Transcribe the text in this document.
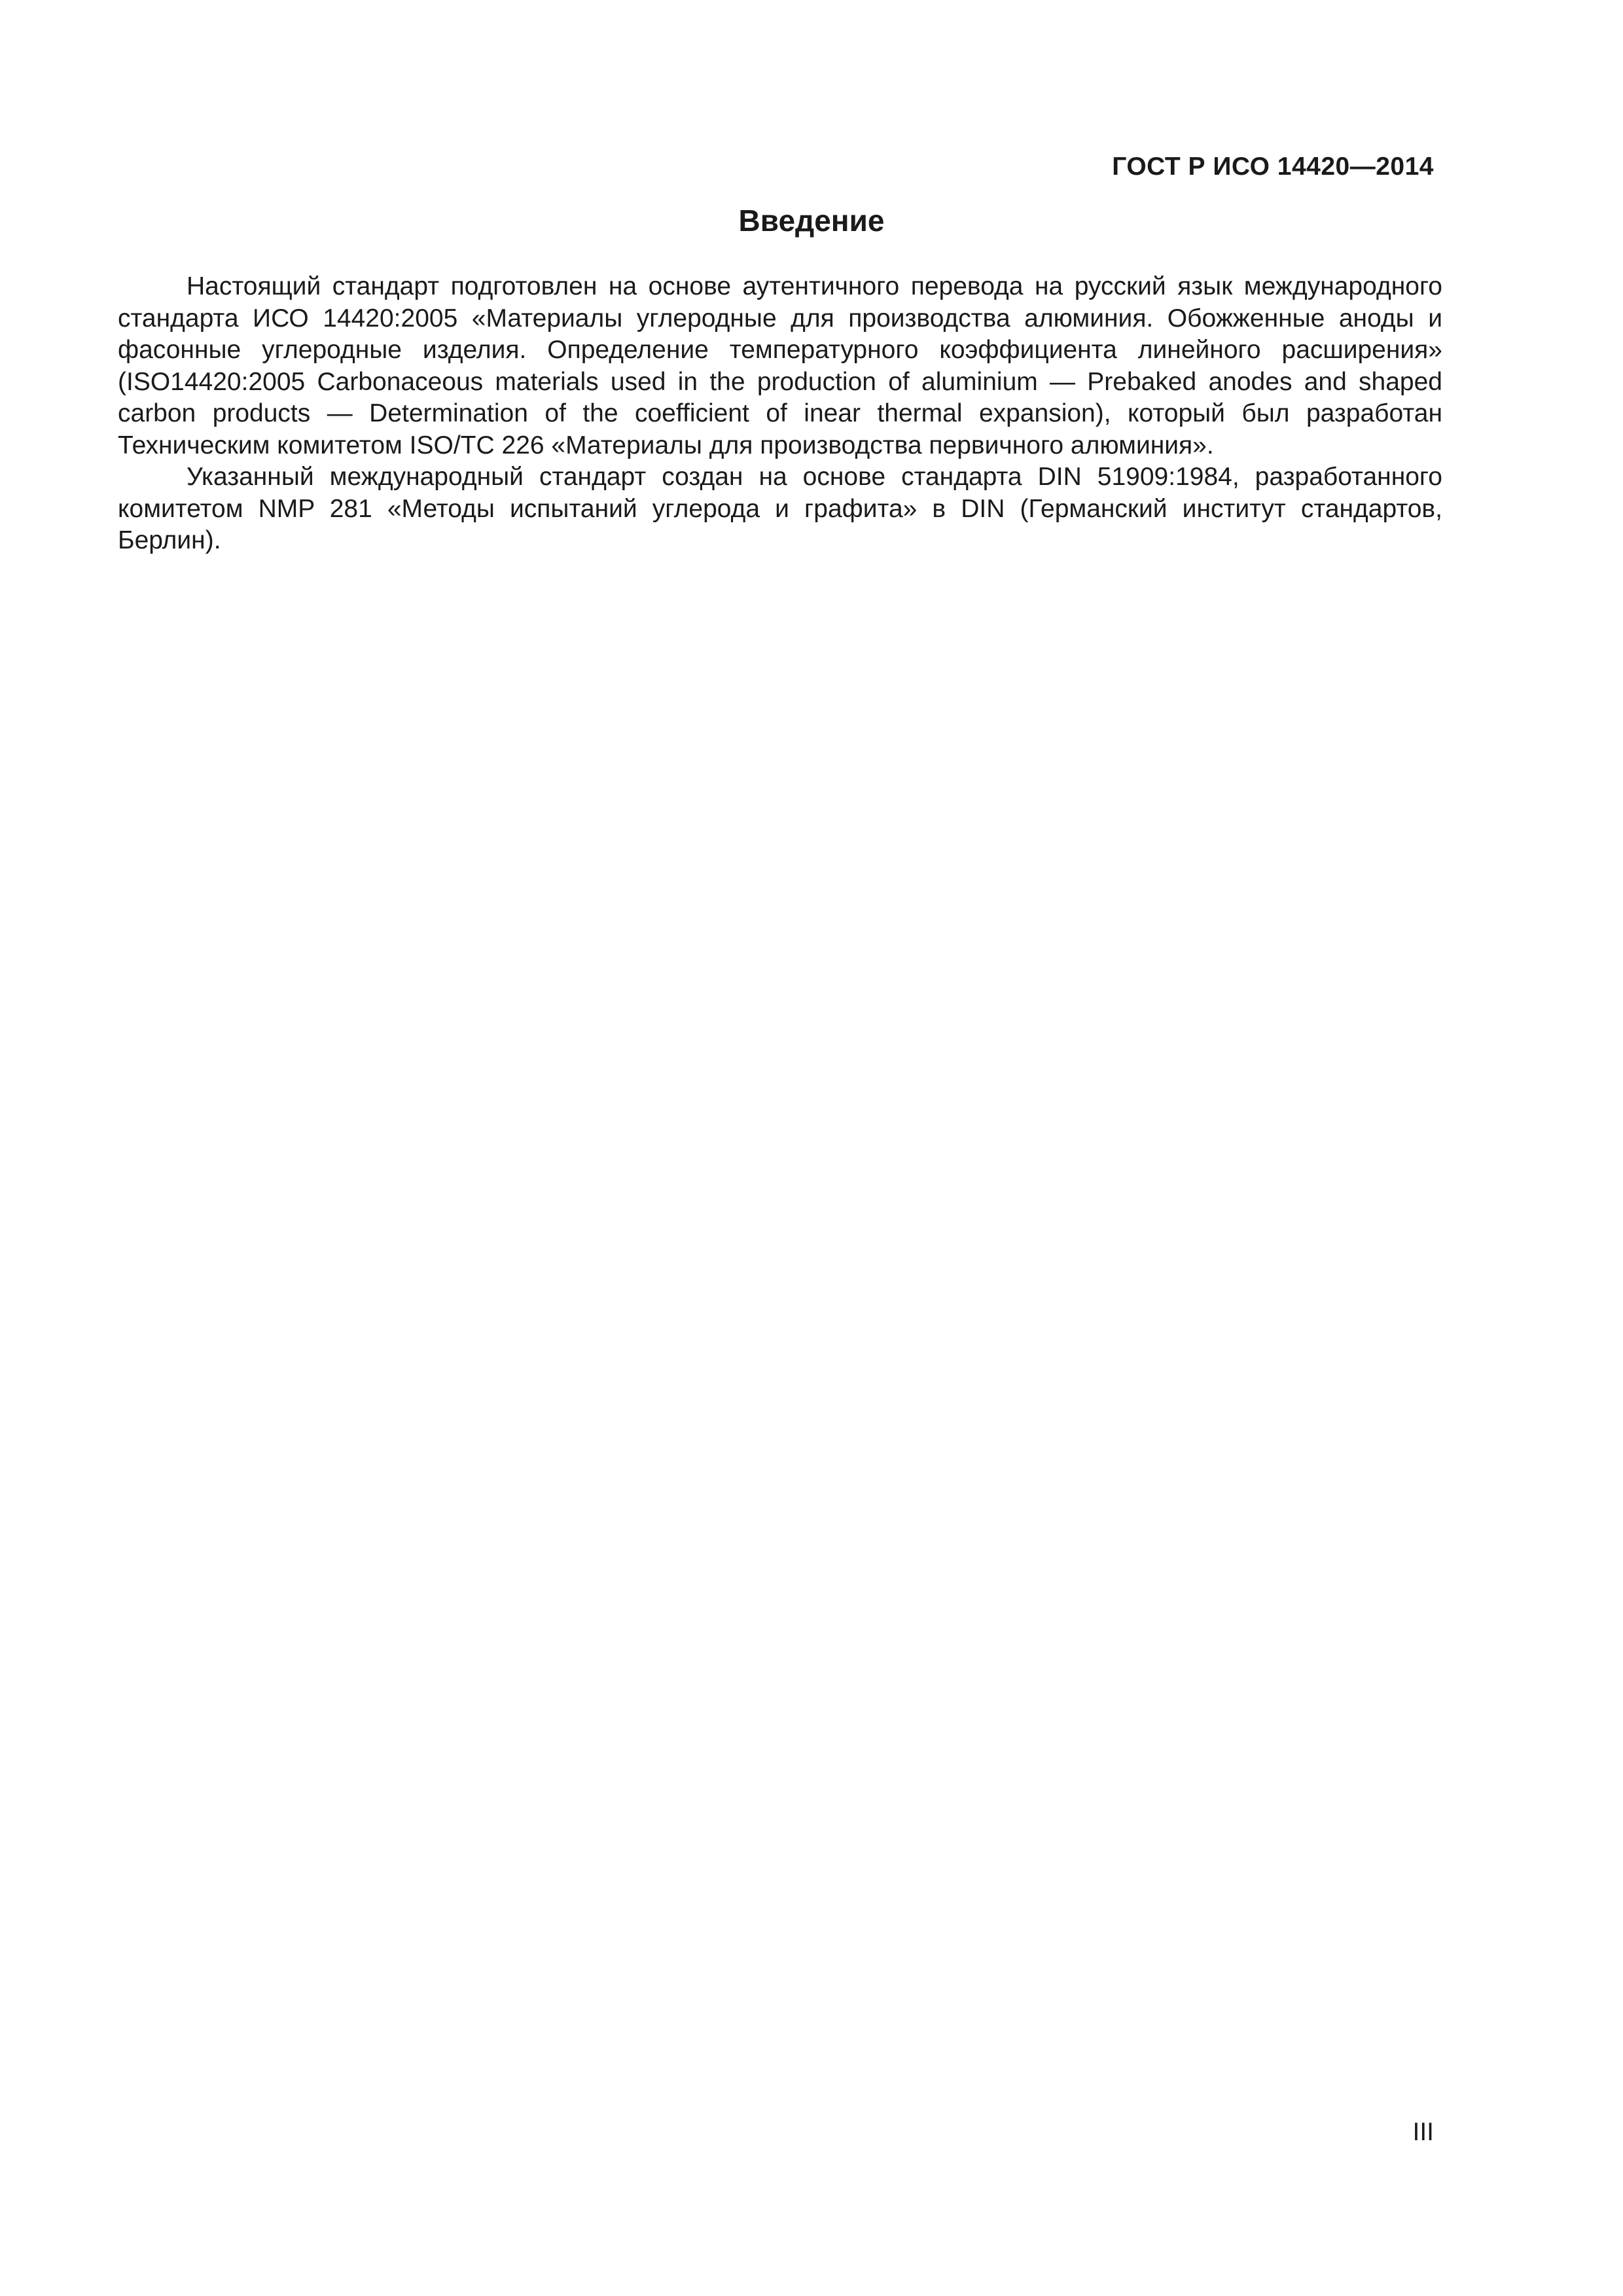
ГОСТ Р ИСО 14420—2014
Введение

Настоящий стандарт подготовлен на основе аутентичного перевода на русский язык международного стандарта ИСО 14420:2005 «Материалы углеродные для производства алюминия. Обожженные аноды и фасонные углеродные изделия. Определение температурного коэффициента линейного расширения» (ISO14420:2005 Carbonaceous materials used in the production of aluminium — Prebaked anodes and shaped carbon products — Determination of the coefficient of inear thermal expansion), который был разработан Техническим комитетом ISO/TC 226 «Материалы для производства первичного алюминия».

Указанный международный стандарт создан на основе стандарта DIN 51909:1984, разработанного комитетом NMP 281 «Методы испытаний углерода и графита» в DIN (Германский институт стандартов, Берлин).

III
